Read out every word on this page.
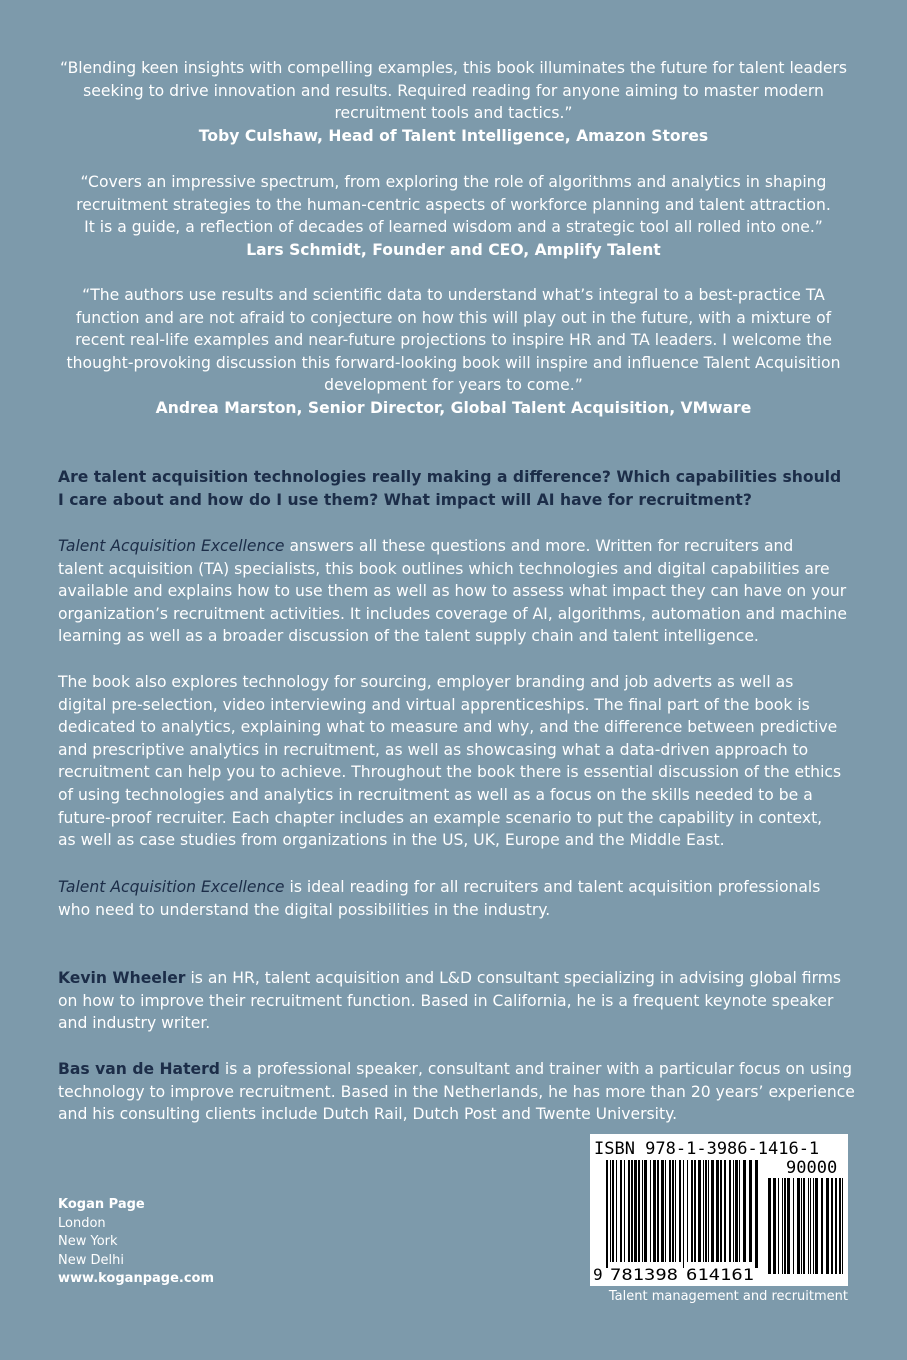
“Blending keen insights with compelling examples, this book illuminates the future for talent leaders

seeking to drive innovation and results. Required reading for anyone aiming to master modern

recruitment tools and tactics.”

Toby Culshaw, Head of Talent Intelligence, Amazon Stores

“Covers an impressive spectrum, from exploring the role of algorithms and analytics in shaping

recruitment strategies to the human-centric aspects of workforce planning and talent attraction.

It is a guide, a reflection of decades of learned wisdom and a strategic tool all rolled into one.”

Lars Schmidt, Founder and CEO, Amplify Talent

“The authors use results and scientific data to understand what’s integral to a best-practice TA

function and are not afraid to conjecture on how this will play out in the future, with a mixture of

recent real-life examples and near-future projections to inspire HR and TA leaders. I welcome the

thought-provoking discussion this forward-looking book will inspire and influence Talent Acquisition

development for years to come.”

Andrea Marston, Senior Director, Global Talent Acquisition, VMware

Are talent acquisition technologies really making a difference? Which capabilities should

I care about and how do I use them? What impact will AI have for recruitment?

Talent Acquisition Excellence answers all these questions and more. Written for recruiters and

talent acquisition (TA) specialists, this book outlines which technologies and digital capabilities are

available and explains how to use them as well as how to assess what impact they can have on your

organization’s recruitment activities. It includes coverage of AI, algorithms, automation and machine

learning as well as a broader discussion of the talent supply chain and talent intelligence.

The book also explores technology for sourcing, employer branding and job adverts as well as

digital pre-selection, video interviewing and virtual apprenticeships. The final part of the book is

dedicated to analytics, explaining what to measure and why, and the difference between predictive

and prescriptive analytics in recruitment, as well as showcasing what a data-driven approach to

recruitment can help you to achieve. Throughout the book there is essential discussion of the ethics

of using technologies and analytics in recruitment as well as a focus on the skills needed to be a

future-proof recruiter. Each chapter includes an example scenario to put the capability in context,

as well as case studies from organizations in the US, UK, Europe and the Middle East.

Talent Acquisition Excellence is ideal reading for all recruiters and talent acquisition professionals

who need to understand the digital possibilities in the industry.

Kevin Wheeler is an HR, talent acquisition and L&D consultant specializing in advising global firms

on how to improve their recruitment function. Based in California, he is a frequent keynote speaker

and industry writer.

Bas van de Haterd is a professional speaker, consultant and trainer with a particular focus on using

technology to improve recruitment. Based in the Netherlands, he has more than 20 years’ experience

and his consulting clients include Dutch Rail, Dutch Post and Twente University.

Kogan Page
London
New York
New Delhi
www.koganpage.com
ISBN 978-1-3986-1416-1
90000
9 781398 614161
Talent management and recruitment
